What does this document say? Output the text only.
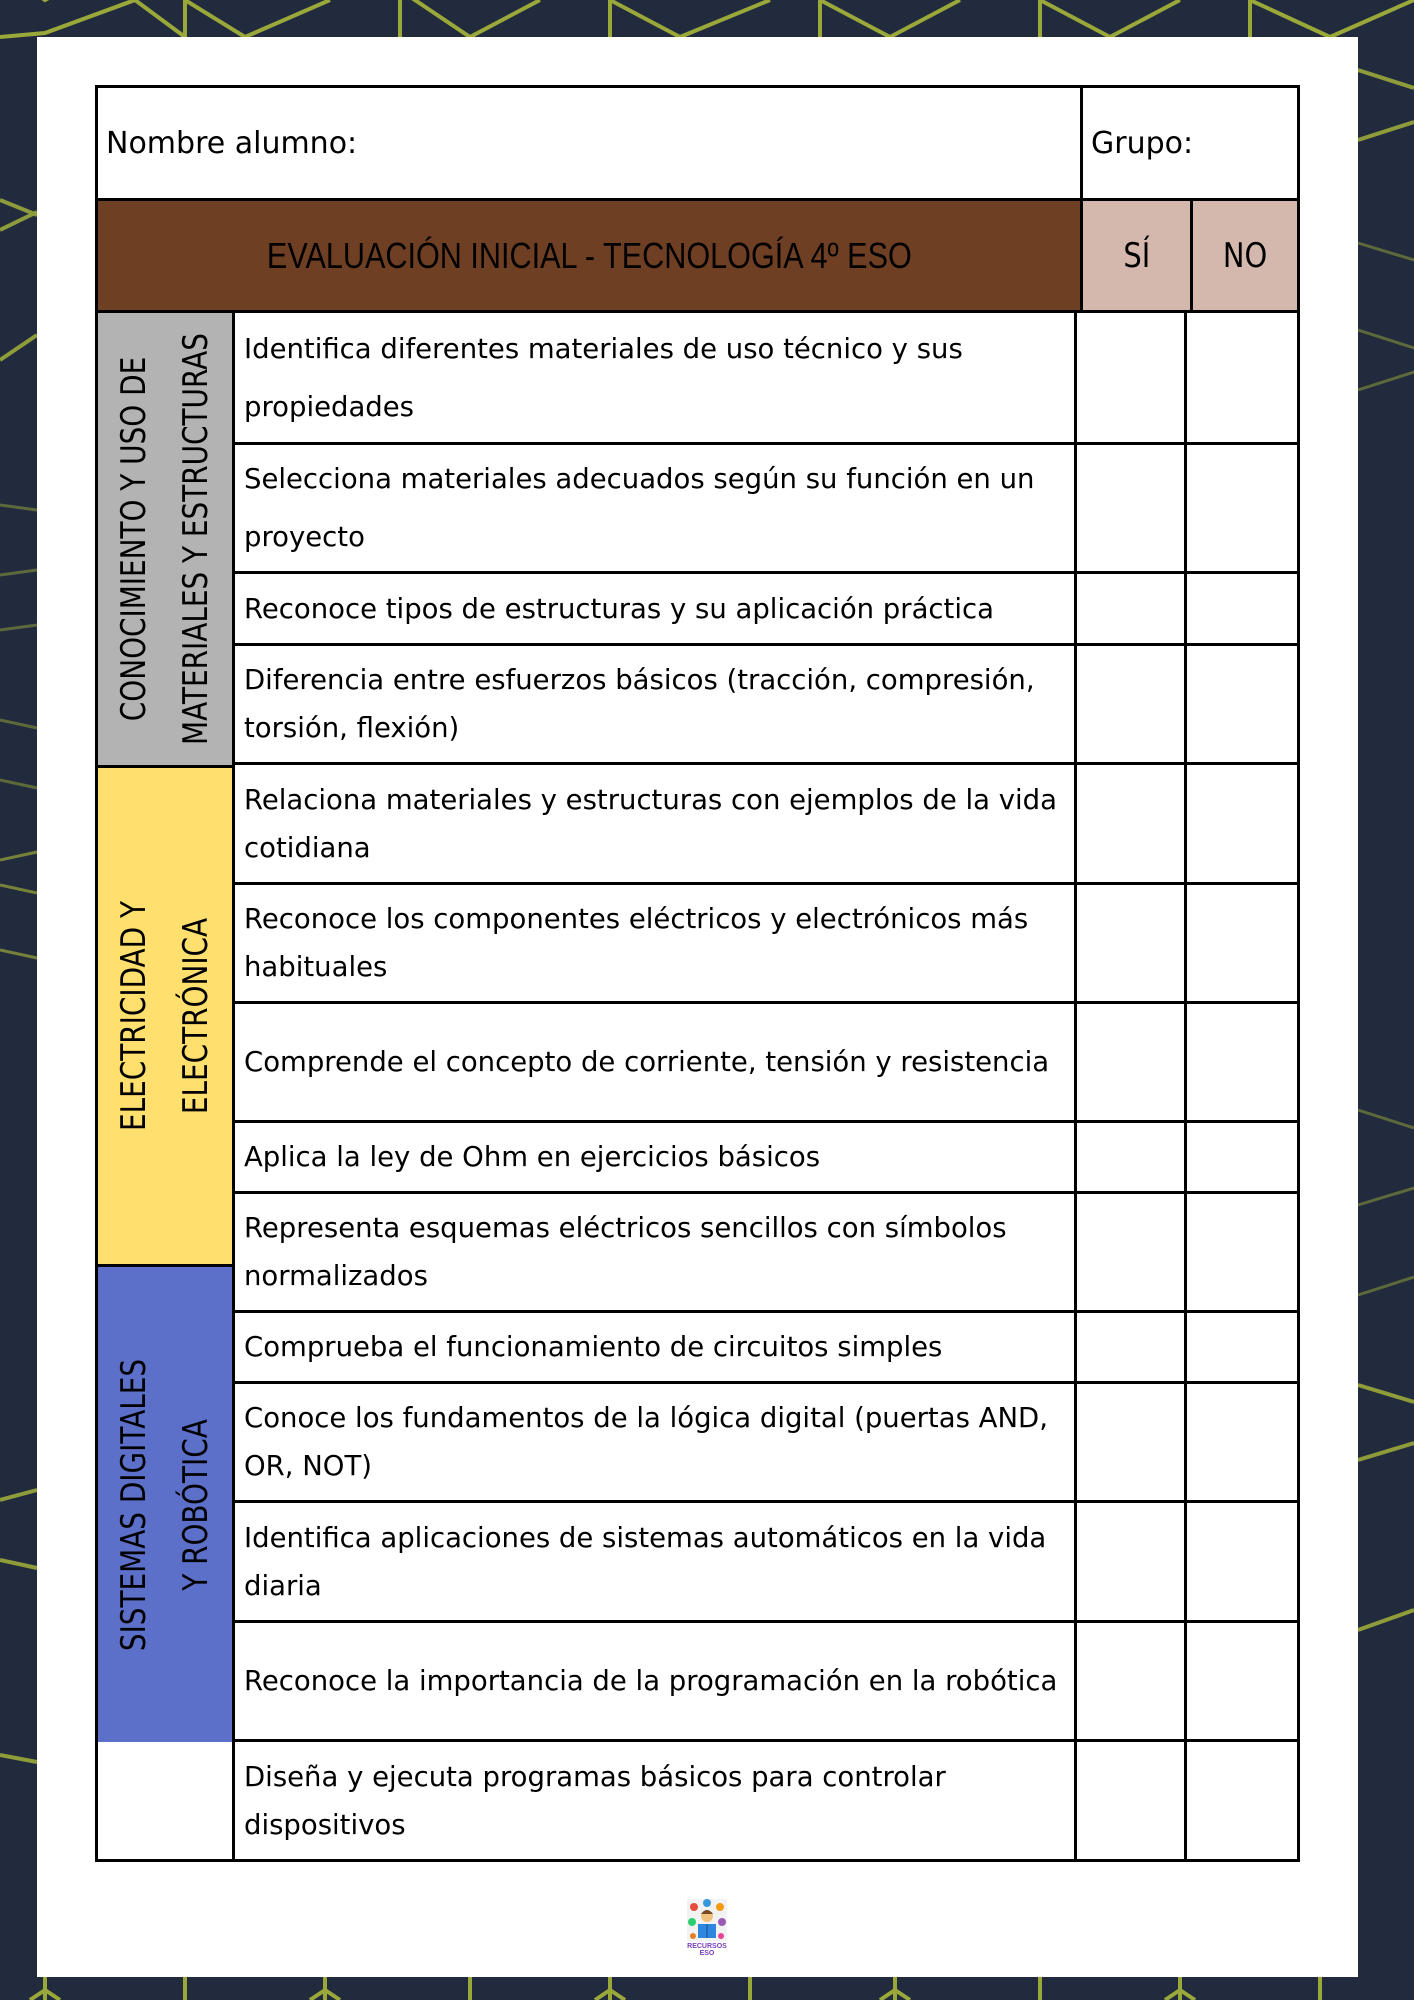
Nombre alumno:	Grupo:
EVALUACIÓN INICIAL - TECNOLOGÍA 4º ESO	SÍ NO
CONOCIMIENTO Y USO DE
MATERIALES Y ESTRUCTURAS
ELECTRICIDAD Y
ELECTRÓNICA
SISTEMAS DIGITALES
Y ROBÓTICA
Identifica diferentes materiales de uso técnico y sus propiedades
Selecciona materiales adecuados según su función en un proyecto
Reconoce tipos de estructuras y su aplicación práctica
Diferencia entre esfuerzos básicos (tracción, compresión, torsión, flexión)
Relaciona materiales y estructuras con ejemplos de la vida cotidiana
Reconoce los componentes eléctricos y electrónicos más habituales
Comprende el concepto de corriente, tensión y resistencia
Aplica la ley de Ohm en ejercicios básicos
Representa esquemas eléctricos sencillos con símbolos normalizados
Comprueba el funcionamiento de circuitos simples
Conoce los fundamentos de la lógica digital (puertas AND, OR, NOT)
Identifica aplicaciones de sistemas automáticos en la vida diaria
Reconoce la importancia de la programación en la robótica
Diseña y ejecuta programas básicos para controlar dispositivos
RECURSOS
ESO
